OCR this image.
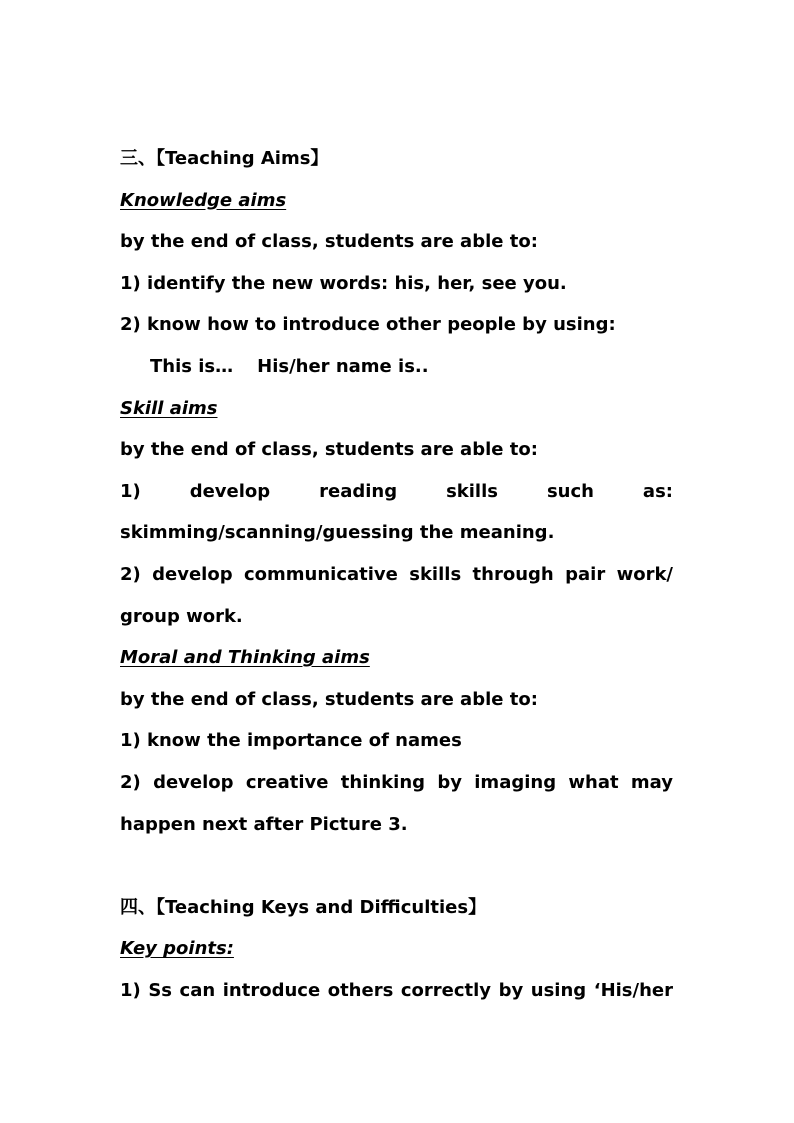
三、【Teaching Aims】
Knowledge aims
by the end of class, students are able to:
1) identify the new words: his, her, see you.
2) know how to introduce other people by using:
This is… His/her name is..
Skill aims
by the end of class, students are able to:
1) develop reading skills such as:
skimming/scanning/guessing the meaning.
2) develop communicative skills through pair work/
group work.
Moral and Thinking aims
by the end of class, students are able to:
1) know the importance of names
2) develop creative thinking by imaging what may
happen next after Picture 3.
四、【Teaching Keys and Difficulties】
Key points:
1) Ss can introduce others correctly by using ‘His/her
